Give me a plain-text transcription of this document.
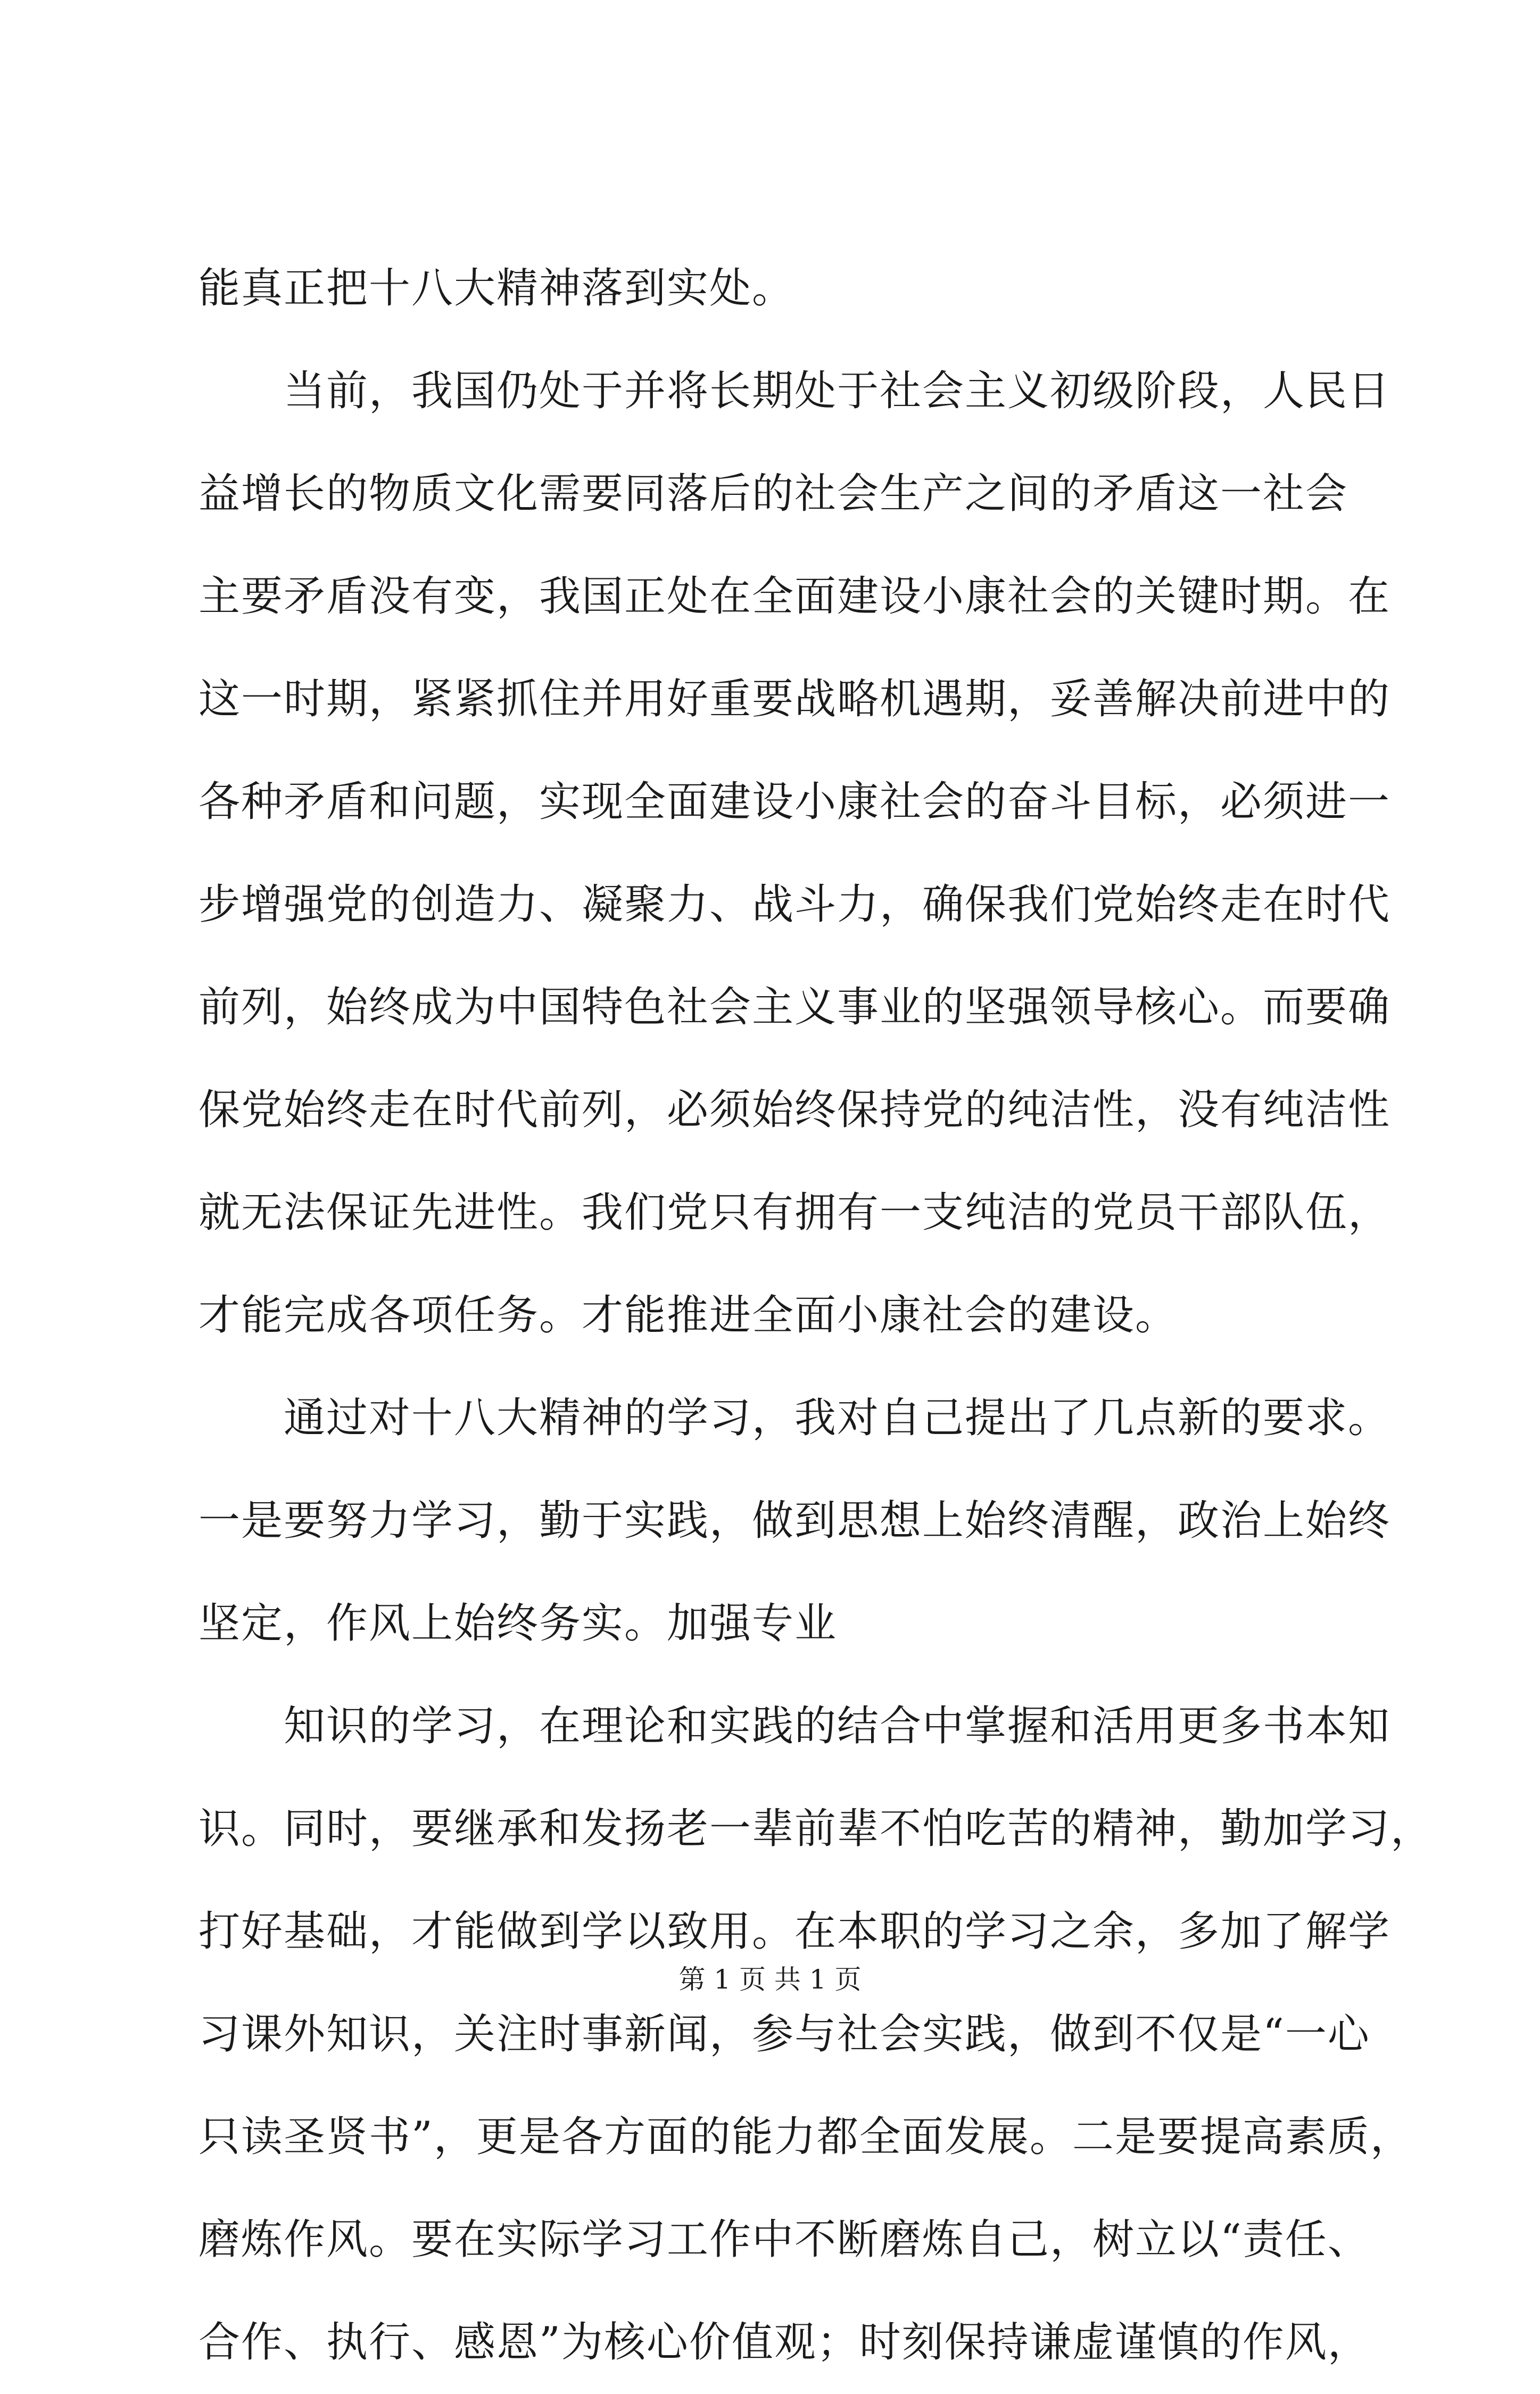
能真正把十八大精神落到实处。
当前，我国仍处于并将长期处于社会主义初级阶段，人民日
益增长的物质文化需要同落后的社会生产之间的矛盾这一社会
主要矛盾没有变，我国正处在全面建设小康社会的关键时期。在
这一时期，紧紧抓住并用好重要战略机遇期，妥善解决前进中的
各种矛盾和问题，实现全面建设小康社会的奋斗目标，必须进一
步增强党的创造力、凝聚力、战斗力，确保我们党始终走在时代
前列，始终成为中国特色社会主义事业的坚强领导核心。而要确
保党始终走在时代前列，必须始终保持党的纯洁性，没有纯洁性
就无法保证先进性。我们党只有拥有一支纯洁的党员干部队伍，
才能完成各项任务。才能推进全面小康社会的建设。
通过对十八大精神的学习，我对自己提出了几点新的要求。
一是要努力学习，勤于实践，做到思想上始终清醒，政治上始终
坚定，作风上始终务实。加强专业
知识的学习，在理论和实践的结合中掌握和活用更多书本知
识。同时，要继承和发扬老一辈前辈不怕吃苦的精神，勤加学习，
打好基础，才能做到学以致用。在本职的学习之余，多加了解学
习课外知识，关注时事新闻，参与社会实践，做到不仅是“一心
只读圣贤书”，更是各方面的能力都全面发展。二是要提高素质，
磨炼作风。要在实际学习工作中不断磨炼自己，树立以“责任、
合作、执行、感恩”为核心价值观；时刻保持谦虚谨慎的作风，
第 1 页 共 1 页
